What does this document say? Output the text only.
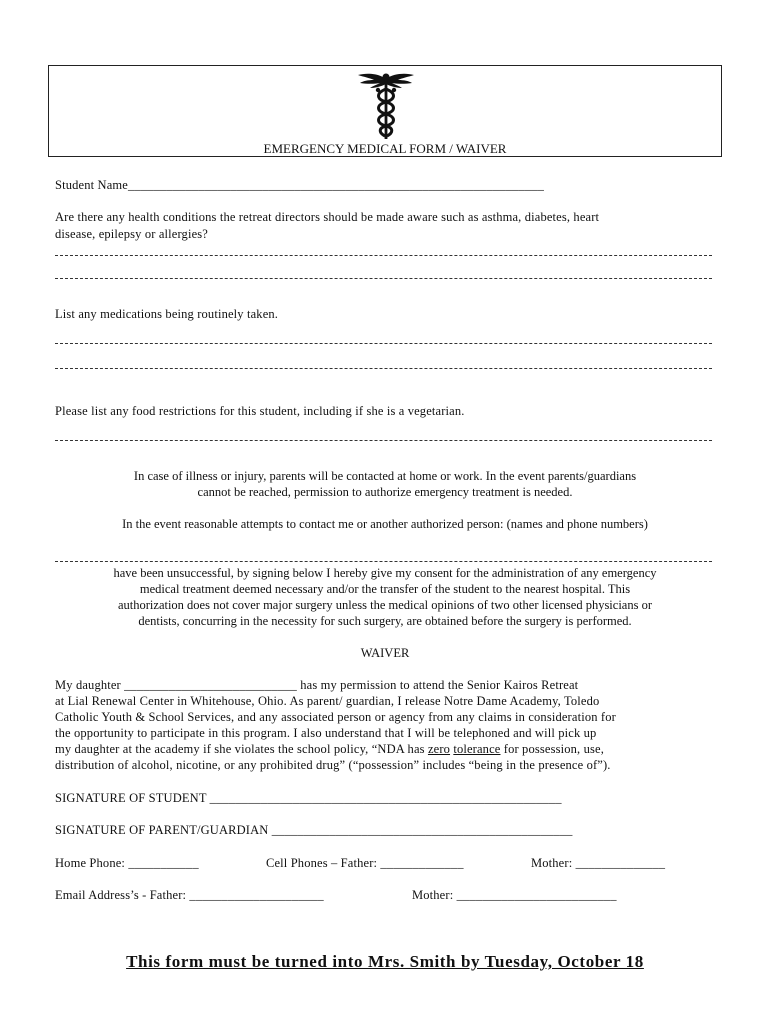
EMERGENCY MEDICAL FORM / WAIVER
Student Name_________________________________________________________________
Are there any health conditions the retreat directors should be made aware such as asthma, diabetes, heart
disease, epilepsy or allergies?
List any medications being routinely taken.
Please list any food restrictions for this student, including if she is a vegetarian.
In case of illness or injury, parents will be contacted at home or work. In the event parents/guardians
cannot be reached, permission to authorize emergency treatment is needed.
In the event reasonable attempts to contact me or another authorized person: (names and phone numbers)
have been unsuccessful, by signing below I hereby give my consent for the administration of any emergency
medical treatment deemed necessary and/or the transfer of the student to the nearest hospital. This
authorization does not cover major surgery unless the medical opinions of two other licensed physicians or
dentists, concurring in the necessity for such surgery, are obtained before the surgery is performed.
WAIVER
My daughter ___________________________ has my permission to attend the Senior Kairos Retreat
at Lial Renewal Center in Whitehouse, Ohio. As parent/ guardian, I release Notre Dame Academy, Toledo
Catholic Youth & School Services, and any associated person or agency from any claims in consideration for
the opportunity to participate in this program. I also understand that I will be telephoned and will pick up
my daughter at the academy if she violates the school policy, “NDA has zero tolerance for possession, use,
distribution of alcohol, nicotine, or any prohibited drug” (“possession” includes “being in the presence of”).
SIGNATURE OF STUDENT _______________________________________________________
SIGNATURE OF PARENT/GUARDIAN _______________________________________________
Home Phone: ___________	Cell Phones – Father: _____________	Mother: ______________
Email Address’s - Father: _____________________	Mother: _________________________
This form must be turned into Mrs. Smith by Tuesday, October 18
